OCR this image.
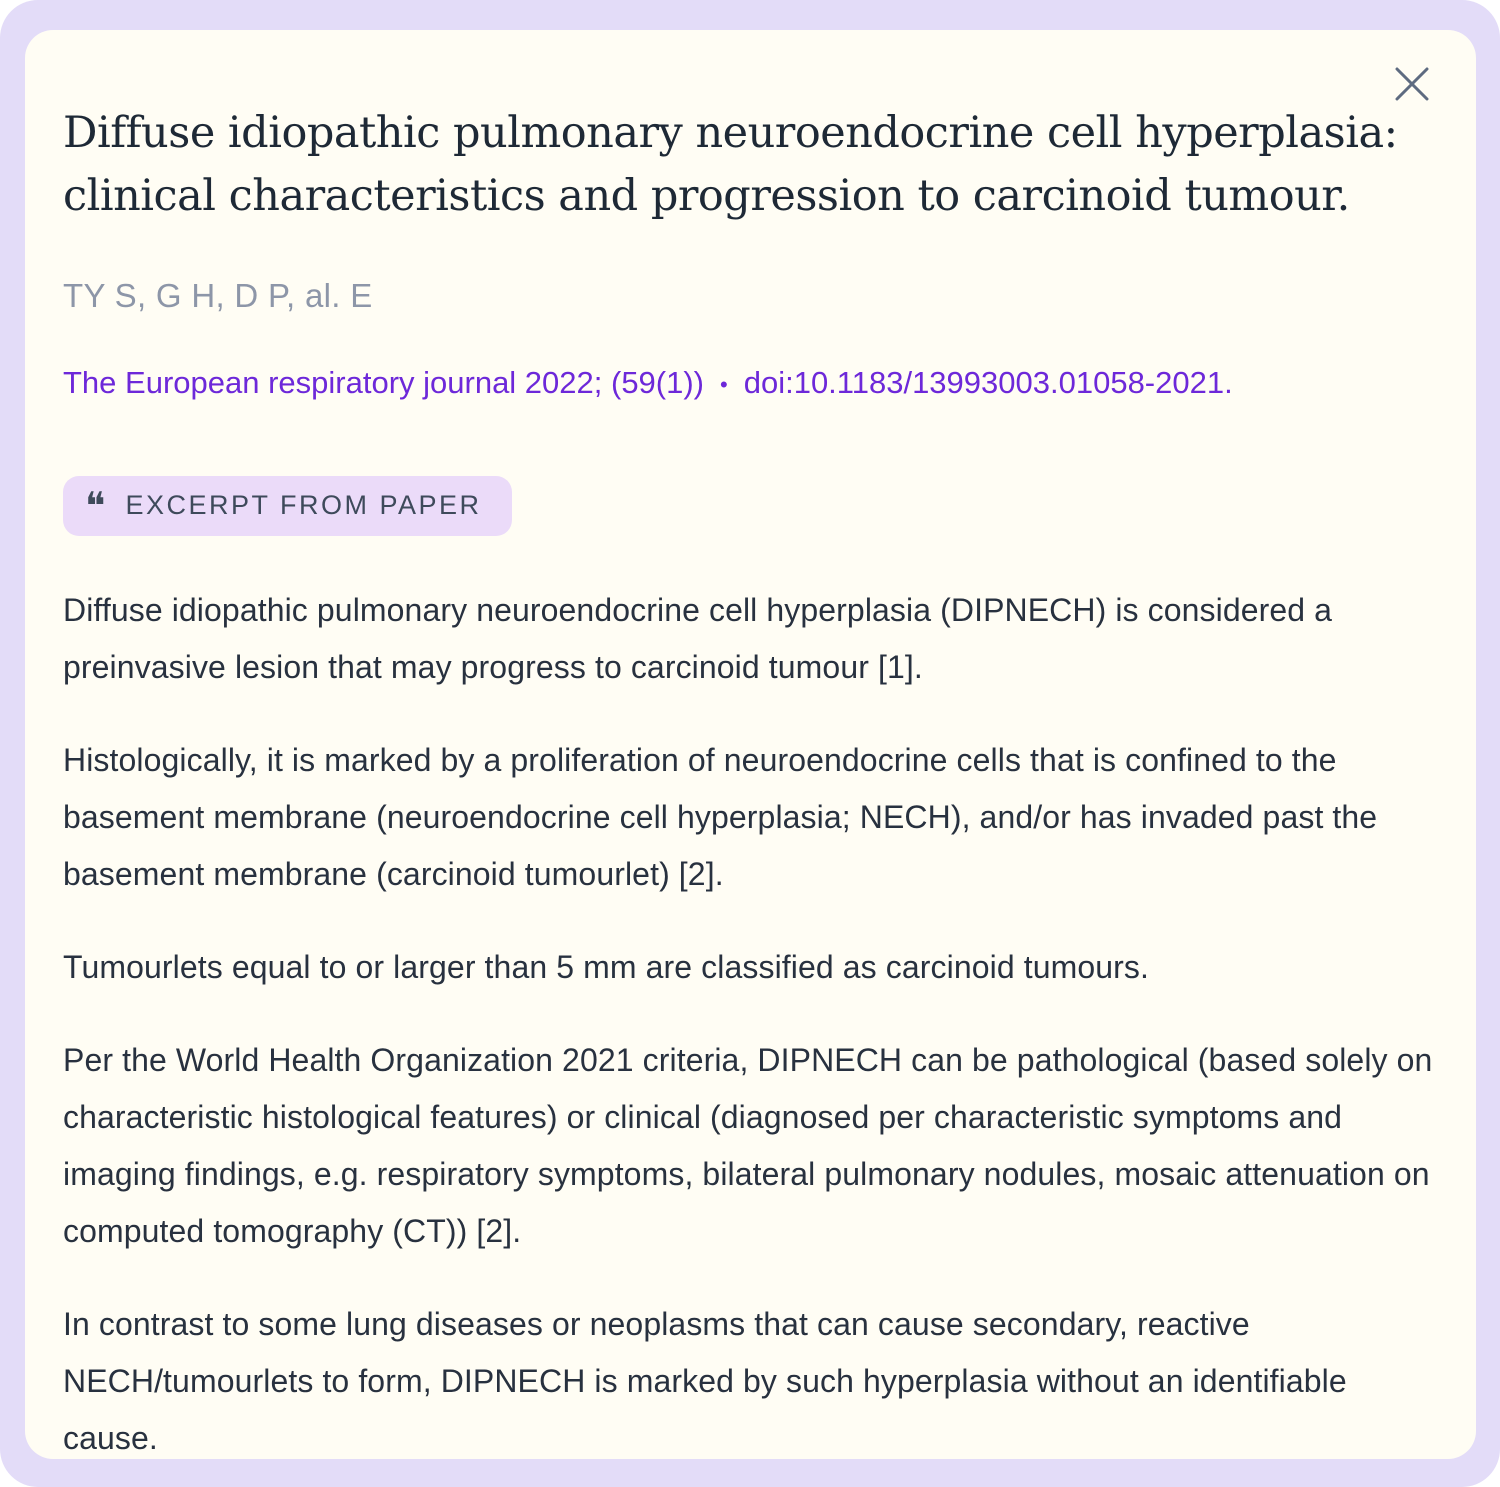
Diffuse idiopathic pulmonary neuroendocrine cell hyperplasia: clinical characteristics and progression to carcinoid tumour.

TY S, G H, D P, al. E

The European respiratory journal 2022; (59(1)) • doi:10.1183/13993003.01058-2021.

❝ EXCERPT FROM PAPER

Diffuse idiopathic pulmonary neuroendocrine cell hyperplasia (DIPNECH) is considered a preinvasive lesion that may progress to carcinoid tumour [1].

Histologically, it is marked by a proliferation of neuroendocrine cells that is confined to the basement membrane (neuroendocrine cell hyperplasia; NECH), and/or has invaded past the basement membrane (carcinoid tumourlet) [2].

Tumourlets equal to or larger than 5 mm are classified as carcinoid tumours.

Per the World Health Organization 2021 criteria, DIPNECH can be pathological (based solely on characteristic histological features) or clinical (diagnosed per characteristic symptoms and imaging findings, e.g. respiratory symptoms, bilateral pulmonary nodules, mosaic attenuation on computed tomography (CT)) [2].

In contrast to some lung diseases or neoplasms that can cause secondary, reactive NECH/tumourlets to form, DIPNECH is marked by such hyperplasia without an identifiable cause.
